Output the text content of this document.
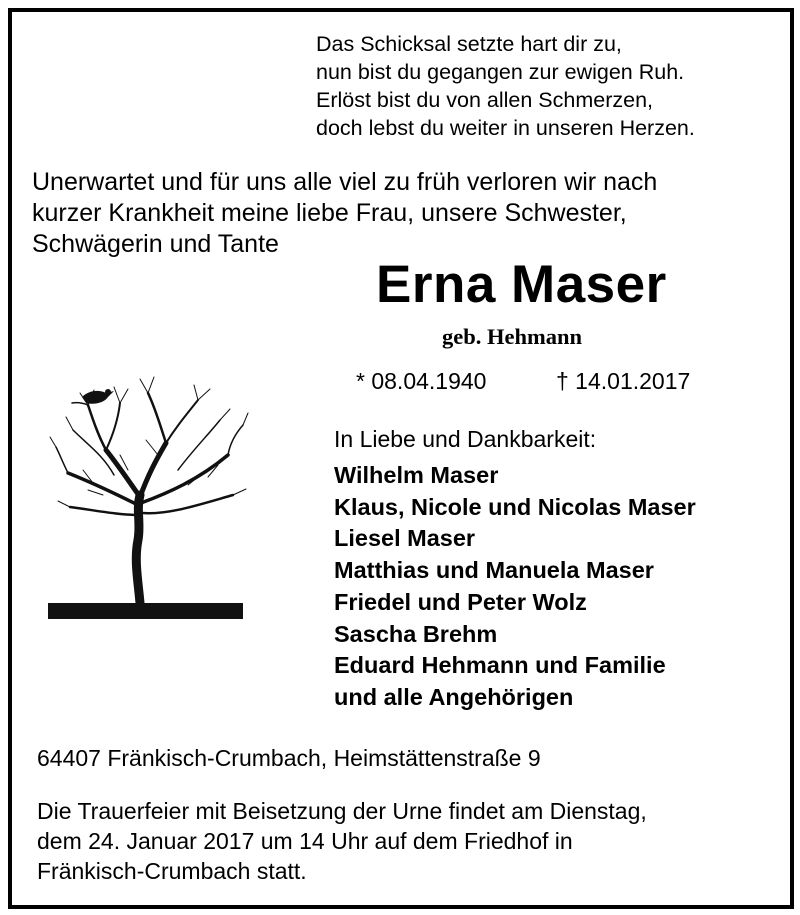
Das Schicksal setzte hart dir zu,
nun bist du gegangen zur ewigen Ruh.
Erlöst bist du von allen Schmerzen,
doch lebst du weiter in unseren Herzen.
Unerwartet und für uns alle viel zu früh verloren wir nach
kurzer Krankheit meine liebe Frau, unsere Schwester,
Schwägerin und Tante
Erna Maser
geb. Hehmann
* 08.04.1940	† 14.01.2017
In Liebe und Dankbarkeit:
Wilhelm Maser
Klaus, Nicole und Nicolas Maser
Liesel Maser
Matthias und Manuela Maser
Friedel und Peter Wolz
Sascha Brehm
Eduard Hehmann und Familie
und alle Angehörigen
64407 Fränkisch-Crumbach, Heimstättenstraße 9
Die Trauerfeier mit Beisetzung der Urne findet am Dienstag,
dem 24. Januar 2017 um 14 Uhr auf dem Friedhof in
Fränkisch-Crumbach statt.
